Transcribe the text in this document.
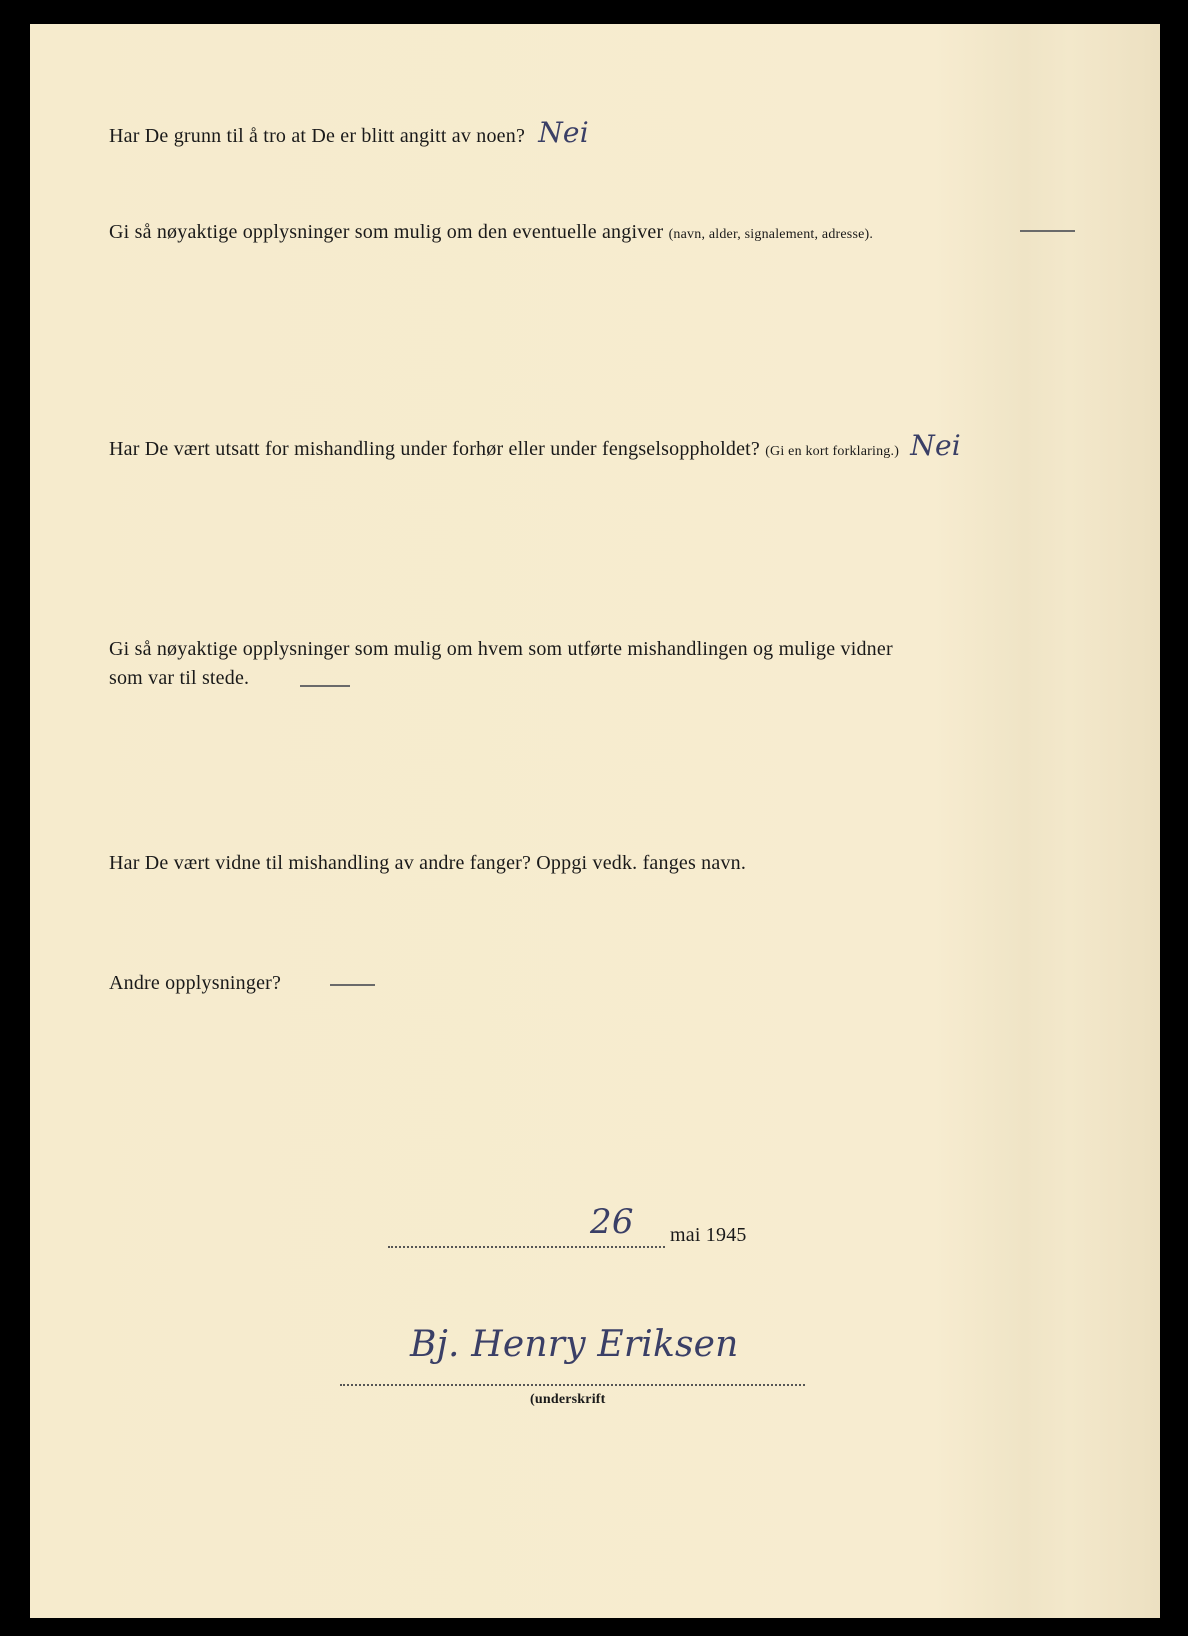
Har De grunn til å tro at De er blitt angitt av noen? Nei
Gi så nøyaktige opplysninger som mulig om den eventuelle angiver (navn, alder, signalement, adresse).
Har De vært utsatt for mishandling under forhør eller under fengselsoppholdet? (Gi en kort forklaring.) Nei
Gi så nøyaktige opplysninger som mulig om hvem som utførte mishandlingen og mulige vidner
som var til stede.
Har De vært vidne til mishandling av andre fanger? Oppgi vedk. fanges navn.
Andre opplysninger?
26 mai 1945
Bj. Henry Eriksen
(underskrift
